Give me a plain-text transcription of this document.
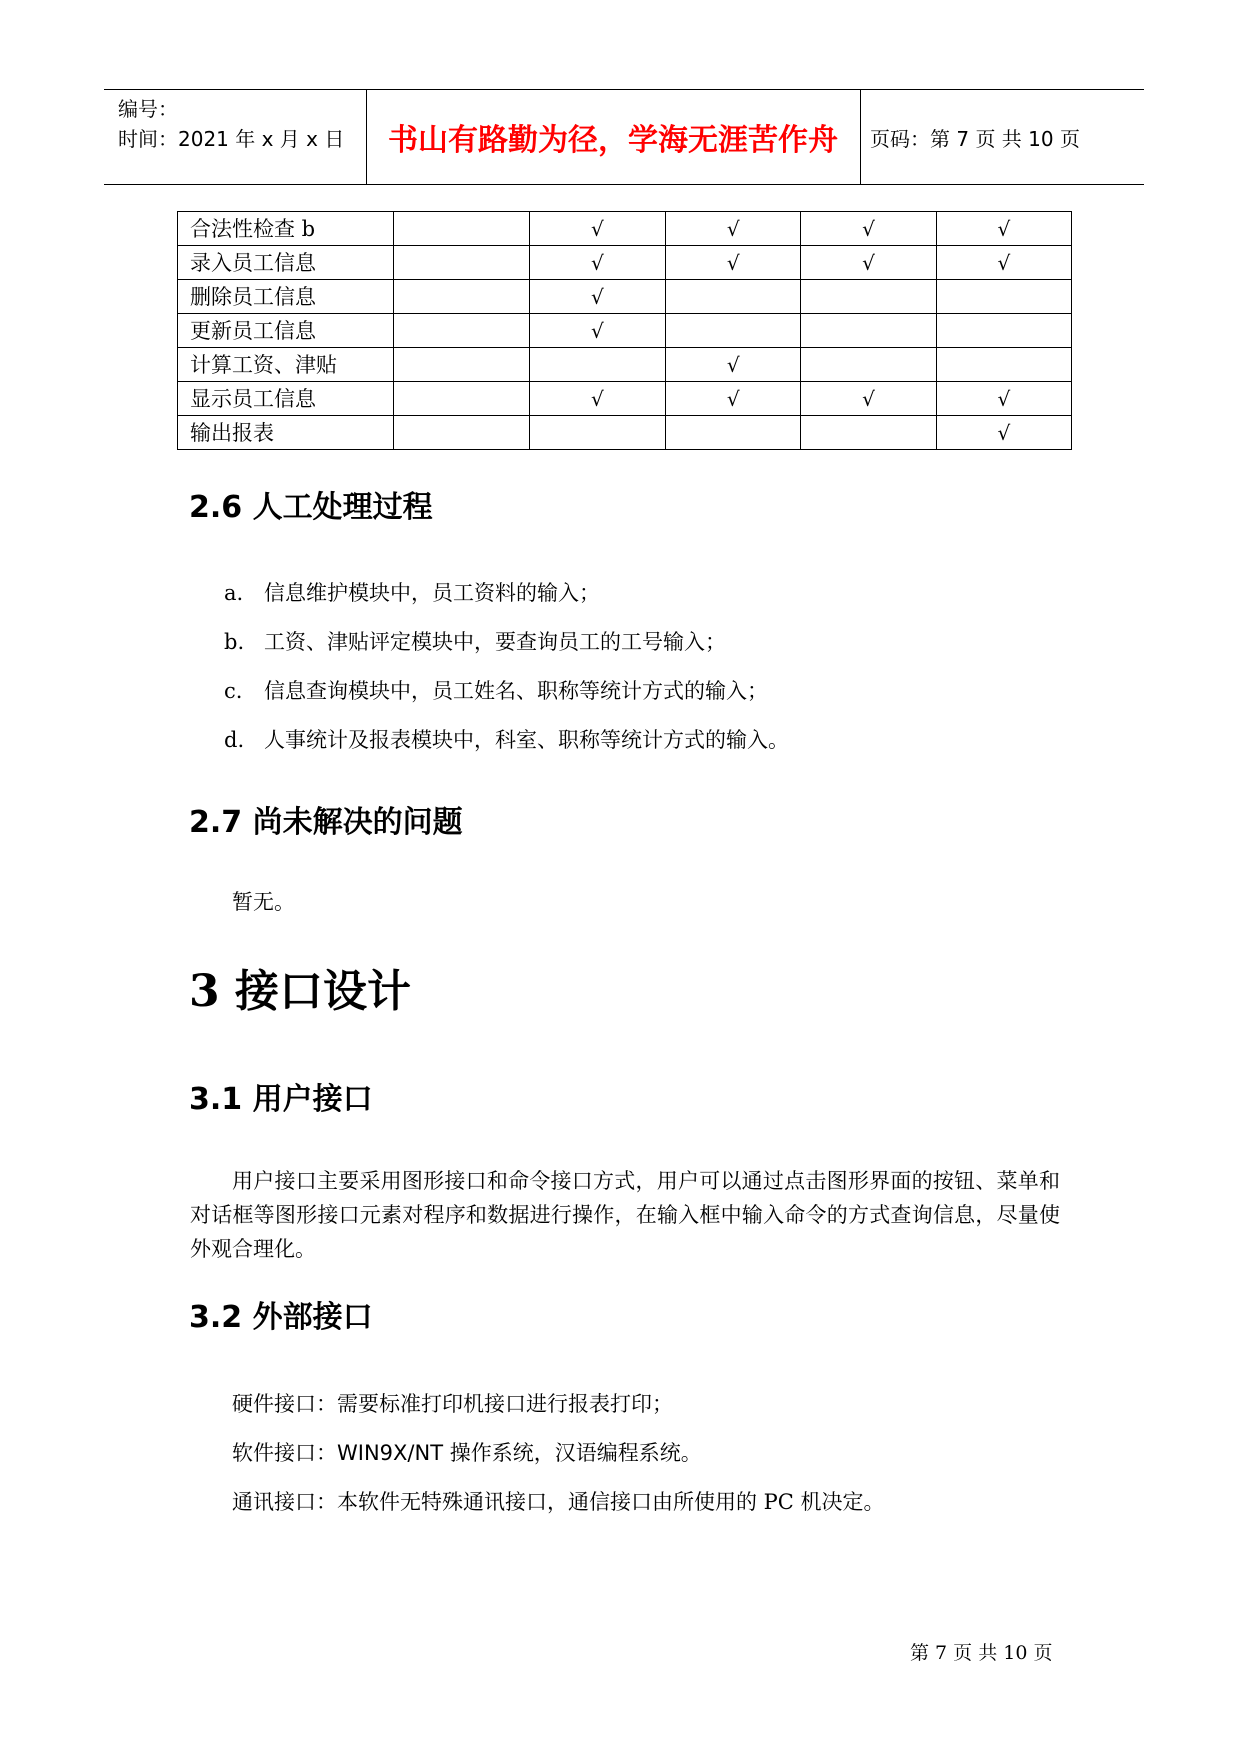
编号：
时间：2021 年 x 月 x 日	书山有路勤为径，学海无涯苦作舟	页码： 第 7 页 共 10 页
合法性检查 b		√	√	√	√
录入员工信息		√	√	√	√
删除员工信息		√			
更新员工信息		√			
计算工资、津贴			√		
显示员工信息		√	√	√	√
输出报表					√
2.6 人工处理过程
a. 信息维护模块中，员工资料的输入；
b. 工资、津贴评定模块中，要查询员工的工号输入；
c. 信息查询模块中，员工姓名、职称等统计方式的输入；
d. 人事统计及报表模块中，科室、职称等统计方式的输入。
2.7 尚未解决的问题
暂无。
3 接口设计
3.1 用户接口

用户接口主要采用图形接口和命令接口方式，用户可以通过点击图形界面的按钮、菜单和对话框等图形接口元素对程序和数据进行操作，在输入框中输入命令的方式查询信息，尽量使外观合理化。

3.2 外部接口
硬件接口：需要标准打印机接口进行报表打印；
软件接口：WIN9X/NT 操作系统，汉语编程系统。
通讯接口：本软件无特殊通讯接口，通信接口由所使用的 PC 机决定。
第 7 页 共 10 页
